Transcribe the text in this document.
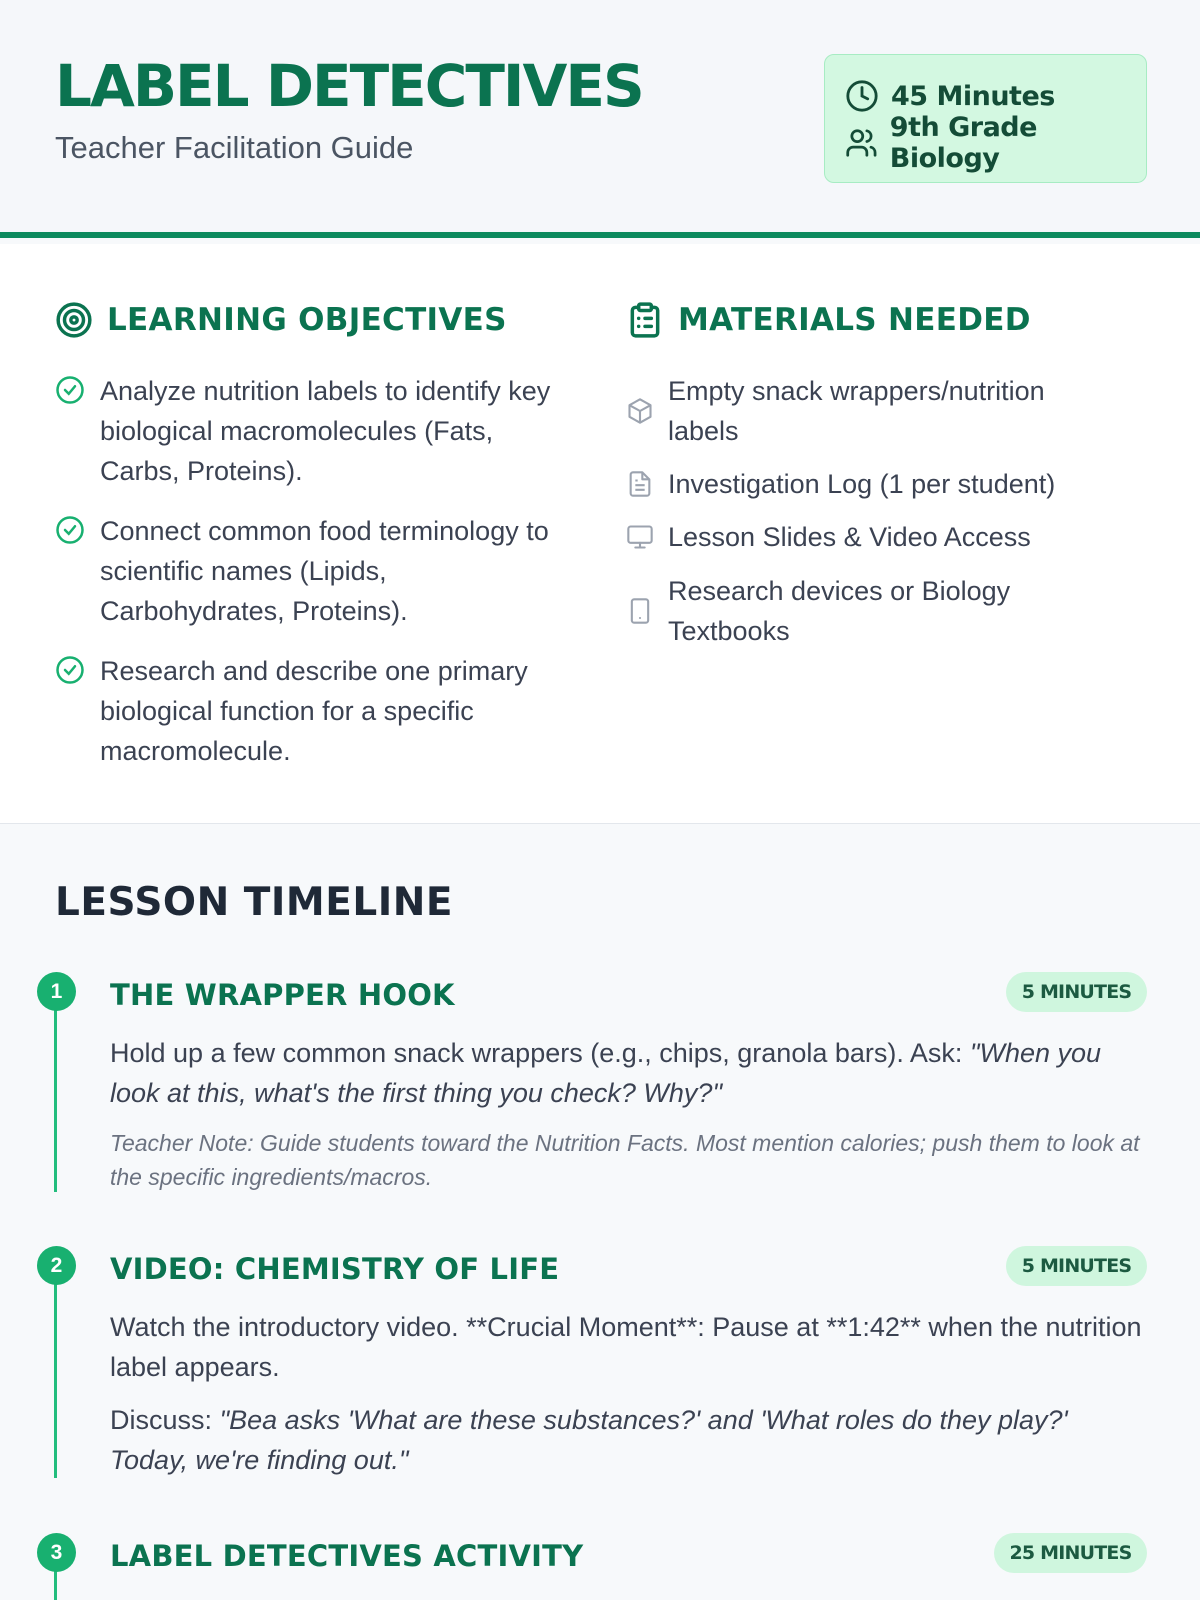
LABEL DETECTIVES
Teacher Facilitation Guide
45 Minutes
9th Grade Biology
LEARNING OBJECTIVES	MATERIALS NEEDED
Analyze nutrition labels to identify key biological macromolecules (Fats, Carbs, Proteins).
Connect common food terminology to scientific names (Lipids, Carbohydrates, Proteins).
Research and describe one primary biological function for a specific macromolecule.
Empty snack wrappers/nutrition labels
Investigation Log (1 per student)
Lesson Slides & Video Access
Research devices or Biology Textbooks
LESSON TIMELINE
1	THE WRAPPER HOOK	5 MINUTES
Hold up a few common snack wrappers (e.g., chips, granola bars). Ask: "When you look at this, what's the first thing you check? Why?"
Teacher Note: Guide students toward the Nutrition Facts. Most mention calories; push them to look at the specific ingredients/macros.
2	VIDEO: CHEMISTRY OF LIFE	5 MINUTES
Watch the introductory video. **Crucial Moment**: Pause at **1:42** when the nutrition label appears.
Discuss: "Bea asks 'What are these substances?' and 'What roles do they play?' Today, we're finding out."
3	LABEL DETECTIVES ACTIVITY	25 MINUTES
